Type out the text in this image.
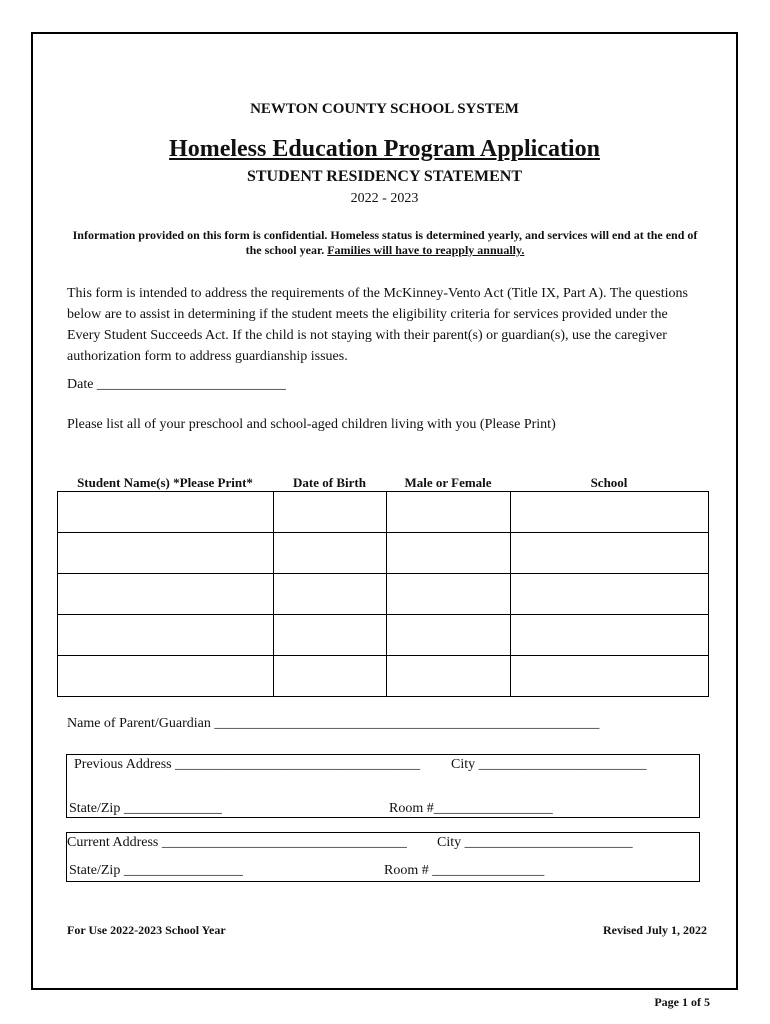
NEWTON COUNTY SCHOOL SYSTEM
Homeless Education Program Application
STUDENT RESIDENCY STATEMENT
2022 - 2023
Information provided on this form is confidential. Homeless status is determined yearly, and services will end at the end of the school year. Families will have to reapply annually.
This form is intended to address the requirements of the McKinney-Vento Act (Title IX, Part A). The questions below are to assist in determining if the student meets the eligibility criteria for services provided under the Every Student Succeeds Act. If the child is not staying with their parent(s) or guardian(s), use the caregiver authorization form to address guardianship issues.
Date ___________________________
Please list all of your preschool and school-aged children living with you (Please Print)
Student Name(s) *Please Print*	Date of Birth	Male or Female	School

Name of Parent/Guardian _______________________________________________________
Previous Address ___________________________________ City ________________________
State/Zip ______________	Room #_________________
Current Address ___________________________________ City ________________________
State/Zip _________________	Room # ________________
For Use 2022-2023 School Year	Revised July 1, 2022
Page 1 of 5
